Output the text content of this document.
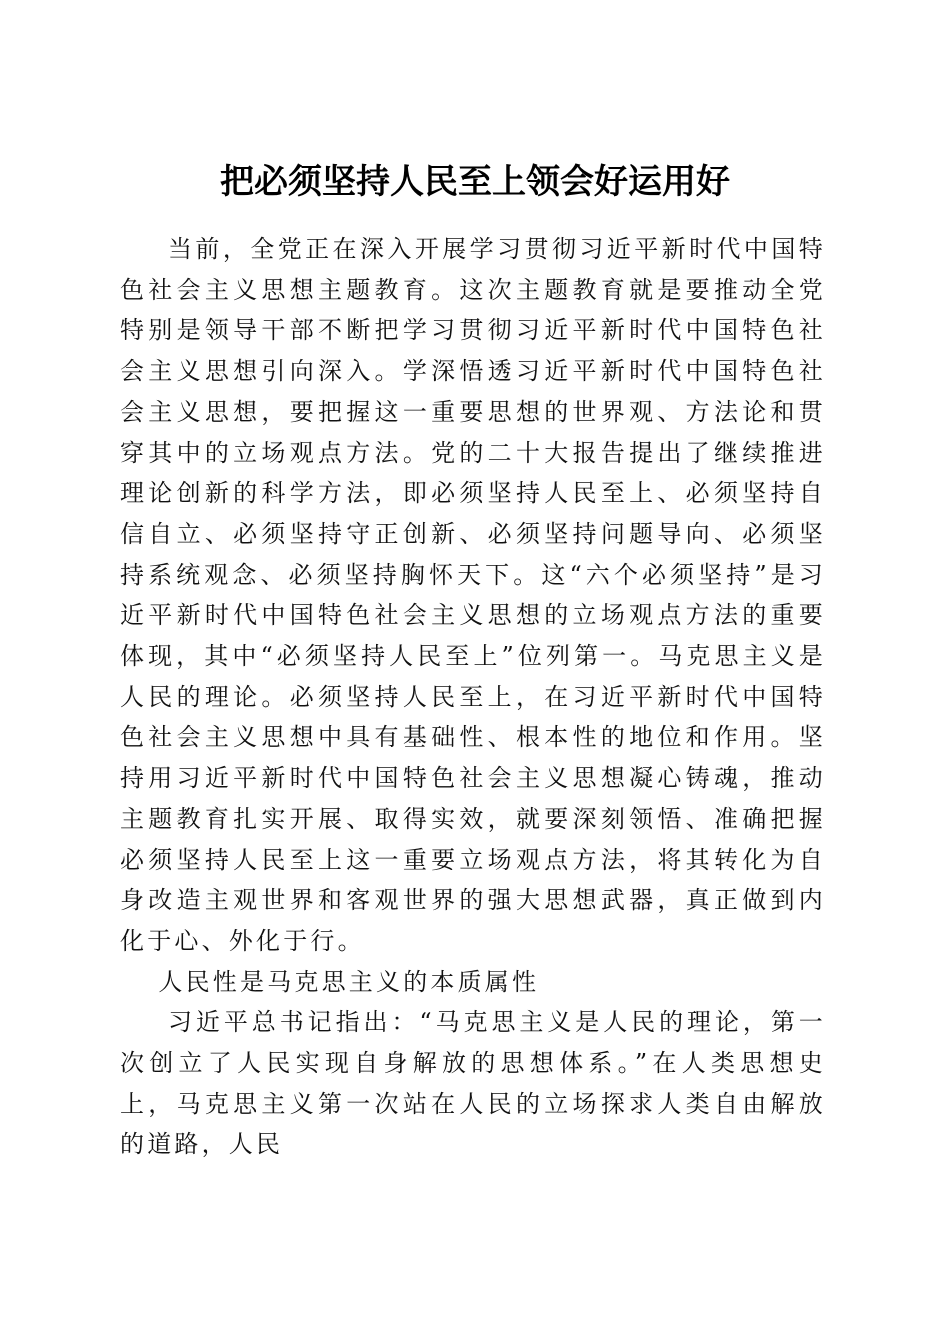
把必须坚持人民至上领会好运用好

当前，全党正在深入开展学习贯彻习近平新时代中国特色社会主义思想主题教育。这次主题教育就是要推动全党特别是领导干部不断把学习贯彻习近平新时代中国特色社会主义思想引向深入。学深悟透习近平新时代中国特色社会主义思想，要把握这一重要思想的世界观、方法论和贯穿其中的立场观点方法。党的二十大报告提出了继续推进理论创新的科学方法，即必须坚持人民至上、必须坚持自信自立、必须坚持守正创新、必须坚持问题导向、必须坚持系统观念、必须坚持胸怀天下。这“六个必须坚持”是习近平新时代中国特色社会主义思想的立场观点方法的重要体现，其中“必须坚持人民至上”位列第一。马克思主义是人民的理论。必须坚持人民至上，在习近平新时代中国特色社会主义思想中具有基础性、根本性的地位和作用。坚持用习近平新时代中国特色社会主义思想凝心铸魂，推动主题教育扎实开展、取得实效，就要深刻领悟、准确把握必须坚持人民至上这一重要立场观点方法，将其转化为自身改造主观世界和客观世界的强大思想武器，真正做到内化于心、外化于行。

人民性是马克思主义的本质属性

习近平总书记指出：“马克思主义是人民的理论，第一次创立了人民实现自身解放的思想体系。”在人类思想史上，马克思主义第一次站在人民的立场探求人类自由解放的道路，人民
